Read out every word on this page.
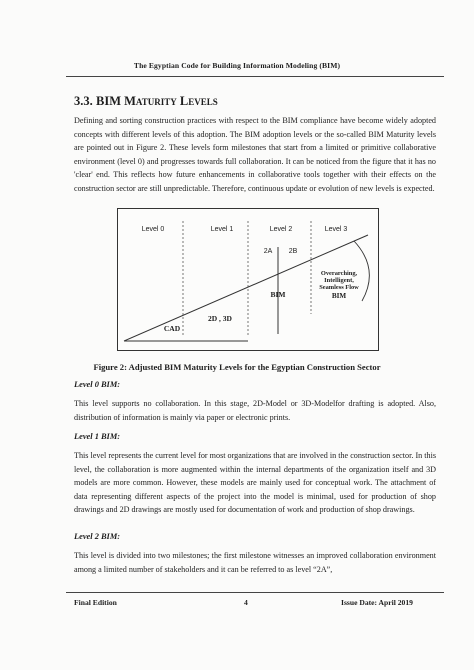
The Egyptian Code for Building Information Modeling (BIM)
3.3. BIM Maturity Levels
Defining and sorting construction practices with respect to the BIM compliance have become widely adopted concepts with different levels of this adoption. The BIM adoption levels or the so-called BIM Maturity levels are pointed out in Figure 2. These levels form milestones that start from a limited or primitive collaborative environment (level 0) and progresses towards full collaboration. It can be noticed from the figure that it has no 'clear' end. This reflects how future enhancements in collaborative tools together with their effects on the construction sector are still unpredictable. Therefore, continuous update or evolution of new levels is expected.
Level 0	Level 1	Level 2	Level 3
2A 2B
CAD
2D , 3D
BIM
Overarching,
Intelligent,
Seamless Flow
BIM
Figure 2: Adjusted BIM Maturity Levels for the Egyptian Construction Sector
Level 0 BIM:
This level supports no collaboration. In this stage, 2D-Model or 3D-Modelfor drafting is adopted. Also, distribution of information is mainly via paper or electronic prints.
Level 1 BIM:
This level represents the current level for most organizations that are involved in the construction sector. In this level, the collaboration is more augmented within the internal departments of the organization itself and 3D models are more common. However, these models are mainly used for conceptual work. The attachment of data representing different aspects of the project into the model is minimal, used for production of shop drawings and 2D drawings are mostly used for documentation of work and production of shop drawings.
Level 2 BIM:
This level is divided into two milestones; the first milestone witnesses an improved collaboration environment among a limited number of stakeholders and it can be referred to as level “2A”,
Final Edition	4	Issue Date: April 2019
